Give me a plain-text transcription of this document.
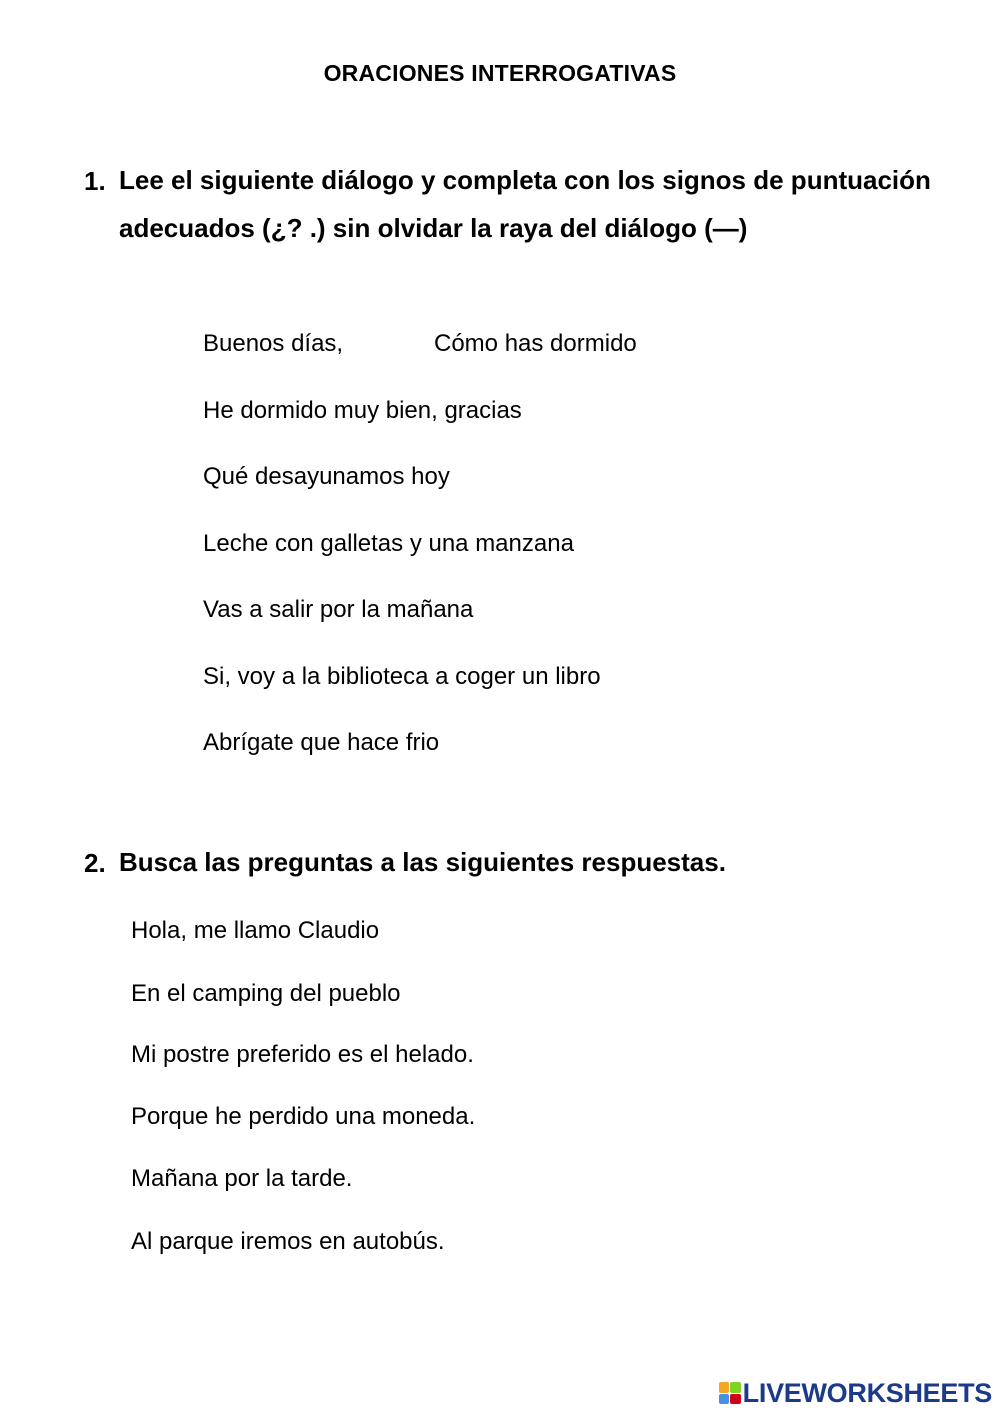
ORACIONES INTERROGATIVAS
1. Lee el siguiente diálogo y completa con los signos de puntuación adecuados (¿? .) sin olvidar la raya del diálogo (—)
Buenos días,	Cómo has dormido
He dormido muy bien, gracias
Qué desayunamos hoy
Leche con galletas y una manzana
Vas a salir por la mañana
Si, voy a la biblioteca a coger un libro
Abrígate que hace frio
2. Busca las preguntas a las siguientes respuestas.
Hola, me llamo Claudio
En el camping del pueblo
Mi postre preferido es el helado.
Porque he perdido una moneda.
Mañana por la tarde.
Al parque iremos en autobús.
LIVEWORKSHEETS
